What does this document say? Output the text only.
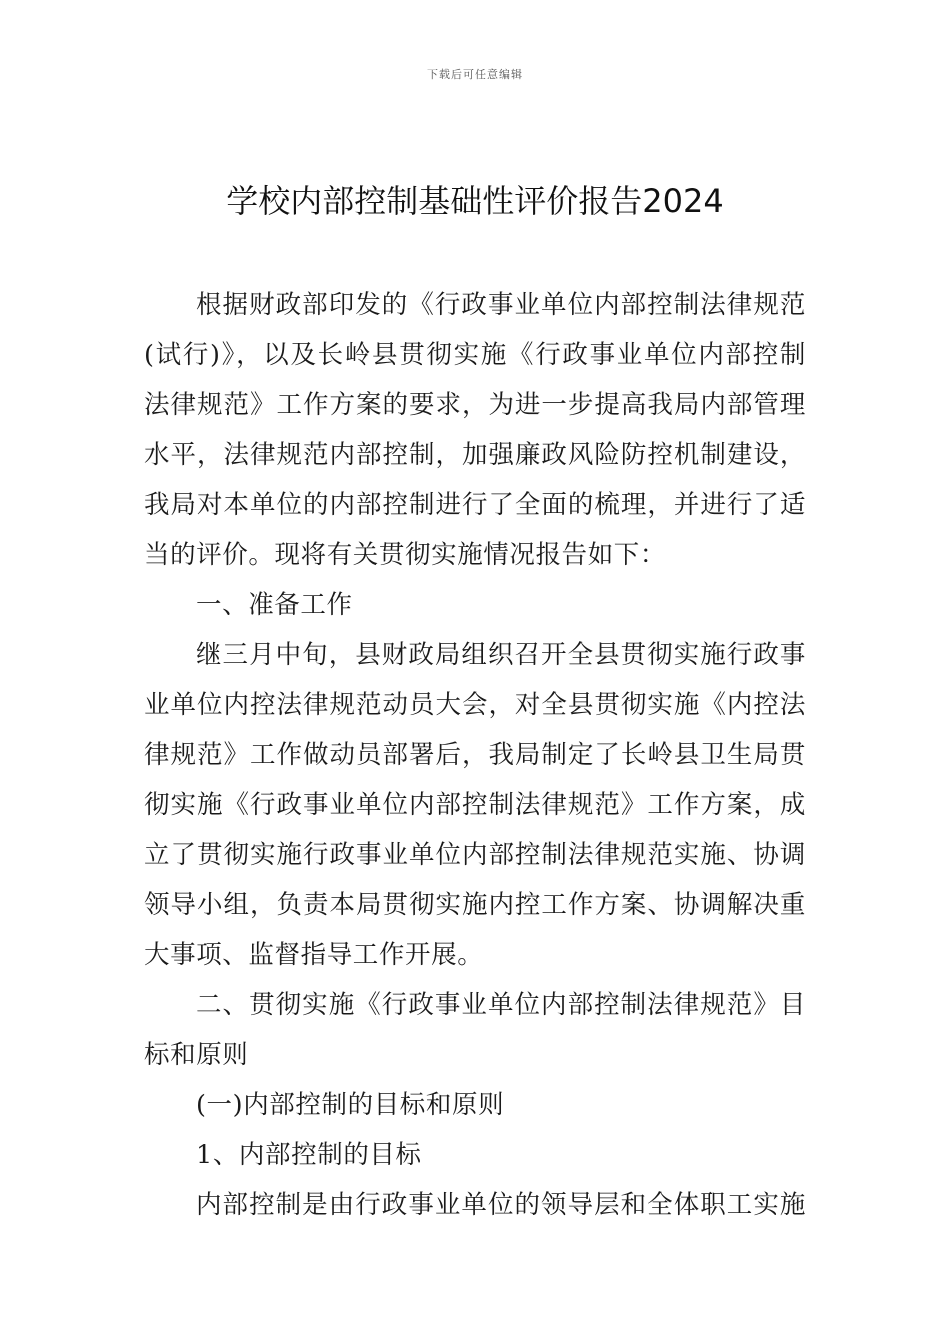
下载后可任意编辑
学校内部控制基础性评价报告2024
根据财政部印发的《行政事业单位内部控制法律规范
(试行)》，以及长岭县贯彻实施《行政事业单位内部控制
法律规范》工作方案的要求，为进一步提高我局内部管理
水平，法律规范内部控制，加强廉政风险防控机制建设，
我局对本单位的内部控制进行了全面的梳理，并进行了适
当的评价。现将有关贯彻实施情况报告如下：
一、准备工作
继三月中旬，县财政局组织召开全县贯彻实施行政事
业单位内控法律规范动员大会，对全县贯彻实施《内控法
律规范》工作做动员部署后，我局制定了长岭县卫生局贯
彻实施《行政事业单位内部控制法律规范》工作方案，成
立了贯彻实施行政事业单位内部控制法律规范实施、协调
领导小组，负责本局贯彻实施内控工作方案、协调解决重
大事项、监督指导工作开展。
二、贯彻实施《行政事业单位内部控制法律规范》目
标和原则
(一)内部控制的目标和原则
1、内部控制的目标
内部控制是由行政事业单位的领导层和全体职工实施
